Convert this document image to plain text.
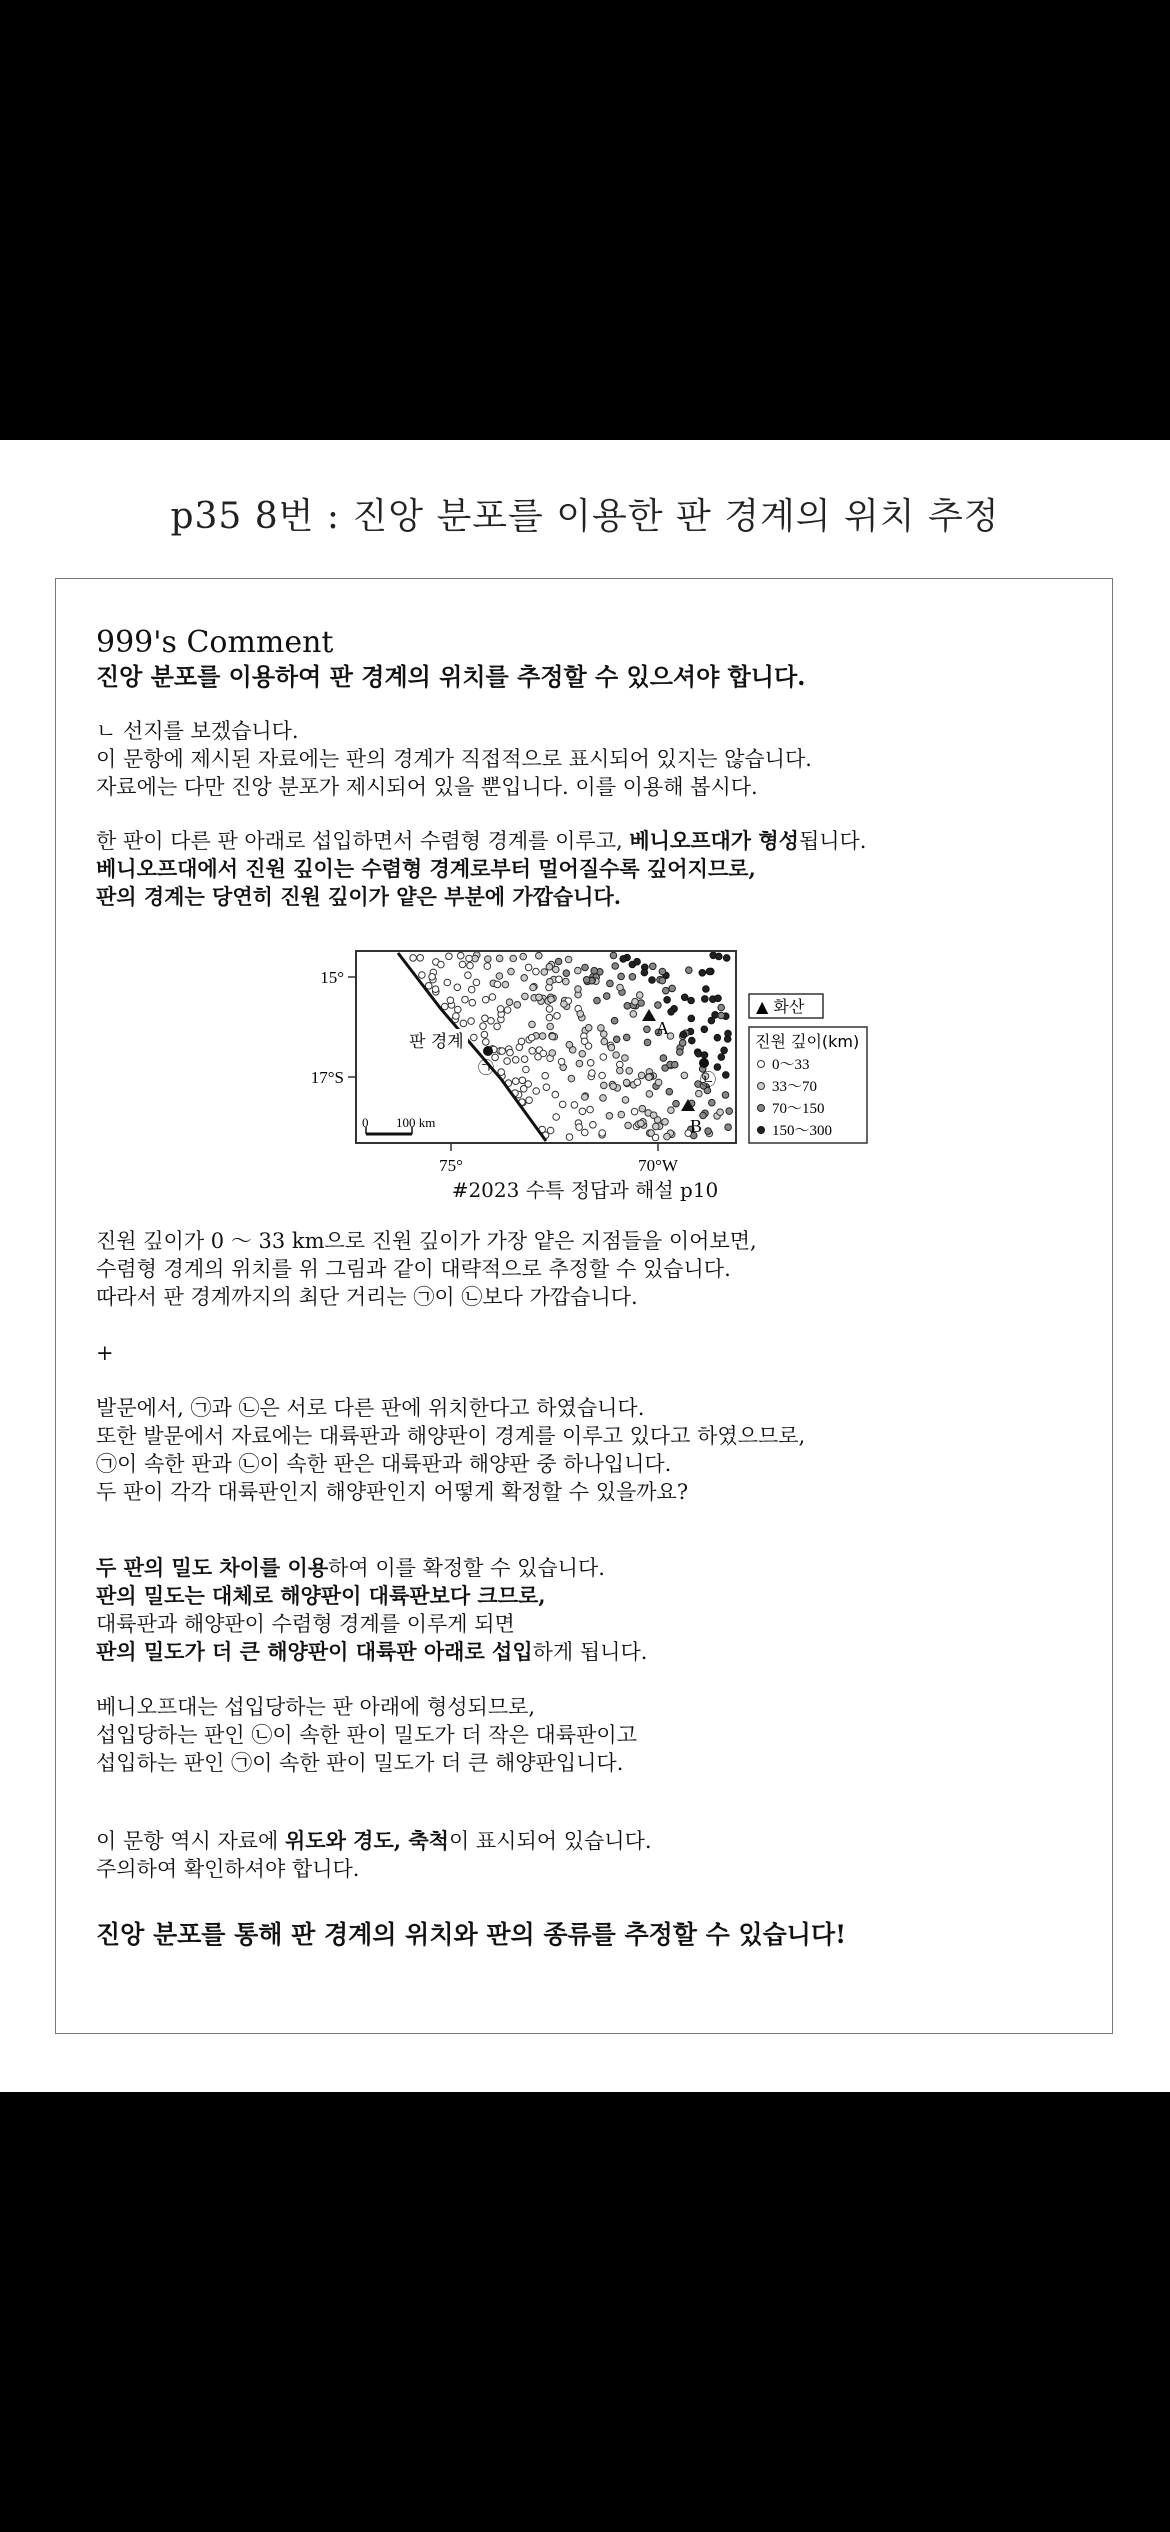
p35 8번 : 진앙 분포를 이용한 판 경계의 위치 추정
999's Comment
진앙 분포를 이용하여 판 경계의 위치를 추정할 수 있으셔야 합니다.
ㄴ 선지를 보겠습니다.
이 문항에 제시된 자료에는 판의 경계가 직접적으로 표시되어 있지는 않습니다.
자료에는 다만 진앙 분포가 제시되어 있을 뿐입니다. 이를 이용해 봅시다.
한 판이 다른 판 아래로 섭입하면서 수렴형 경계를 이루고, 베니오프대가 형성됩니다.
베니오프대에서 진원 깊이는 수렴형 경계로부터 멀어질수록 깊어지므로,
판의 경계는 당연히 진원 깊이가 얕은 부분에 가깝습니다.
15°
17°S
75°	70°W
판 경계
㉠
㉡
A
B
0 100 km
▲ 화산
진원 깊이(km)
0～33
33～70
70～150
150～300
#2023 수특 정답과 해설 p10
진원 깊이가 0 ～ 33 km으로 진원 깊이가 가장 얕은 지점들을 이어보면,
수렴형 경계의 위치를 위 그림과 같이 대략적으로 추정할 수 있습니다.
따라서 판 경계까지의 최단 거리는 ㉠이 ㉡보다 가깝습니다.
+
발문에서, ㉠과 ㉡은 서로 다른 판에 위치한다고 하였습니다.
또한 발문에서 자료에는 대륙판과 해양판이 경계를 이루고 있다고 하였으므로,
㉠이 속한 판과 ㉡이 속한 판은 대륙판과 해양판 중 하나입니다.
두 판이 각각 대륙판인지 해양판인지 어떻게 확정할 수 있을까요?
두 판의 밀도 차이를 이용하여 이를 확정할 수 있습니다.
판의 밀도는 대체로 해양판이 대륙판보다 크므로,
대륙판과 해양판이 수렴형 경계를 이루게 되면
판의 밀도가 더 큰 해양판이 대륙판 아래로 섭입하게 됩니다.
베니오프대는 섭입당하는 판 아래에 형성되므로,
섭입당하는 판인 ㉡이 속한 판이 밀도가 더 작은 대륙판이고
섭입하는 판인 ㉠이 속한 판이 밀도가 더 큰 해양판입니다.
이 문항 역시 자료에 위도와 경도, 축척이 표시되어 있습니다.
주의하여 확인하셔야 합니다.
진앙 분포를 통해 판 경계의 위치와 판의 종류를 추정할 수 있습니다!
